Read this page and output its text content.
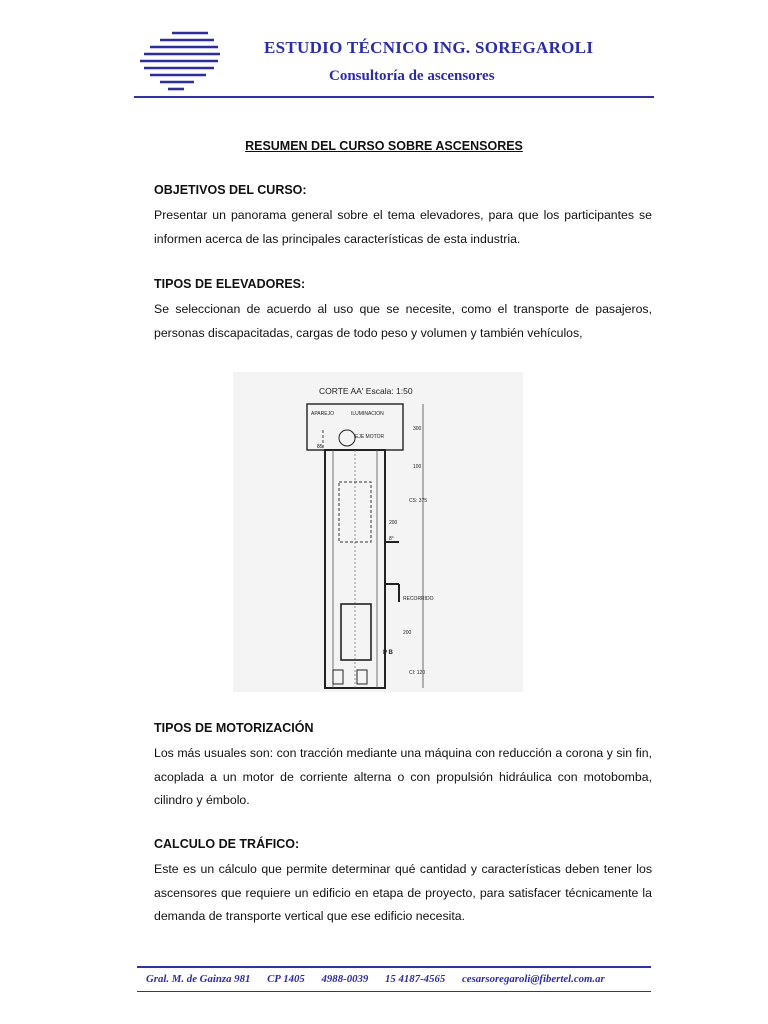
ESTUDIO TÉCNICO ING. SOREGAROLI
Consultoría de ascensores
RESUMEN DEL CURSO SOBRE ASCENSORES

OBJETIVOS DEL CURSO:

Presentar un panorama general sobre el tema elevadores, para que los participantes se informen acerca de las principales características de esta industria.

TIPOS DE ELEVADORES:

Se seleccionan de acuerdo al uso que se necesite, como el transporte de pasajeros, personas discapacitadas, cargas de todo peso y volumen y también vehículos,

CORTE AA' Escala: 1:50
APAREJO	ILUMINACION
EJE MOTOR
300
85
100
CS: 375
200
8°
RECORRIDO
200
P B
CI: 120

TIPOS DE MOTORIZACIÓN

Los más usuales son: con tracción mediante una máquina con reducción a corona y sin fin, acoplada a un motor de corriente alterna o con propulsión hidráulica con motobomba, cilindro y émbolo.

CALCULO DE TRÁFICO:

Este es un cálculo que permite determinar qué cantidad y características deben tener los ascensores que requiere un edificio en etapa de proyecto, para satisfacer técnicamente la demanda de transporte vertical que ese edificio necesita.

Gral. M. de Gainza 981 CP 1405 4988-0039 15 4187-4565 cesarsoregaroli@fibertel.com.ar
